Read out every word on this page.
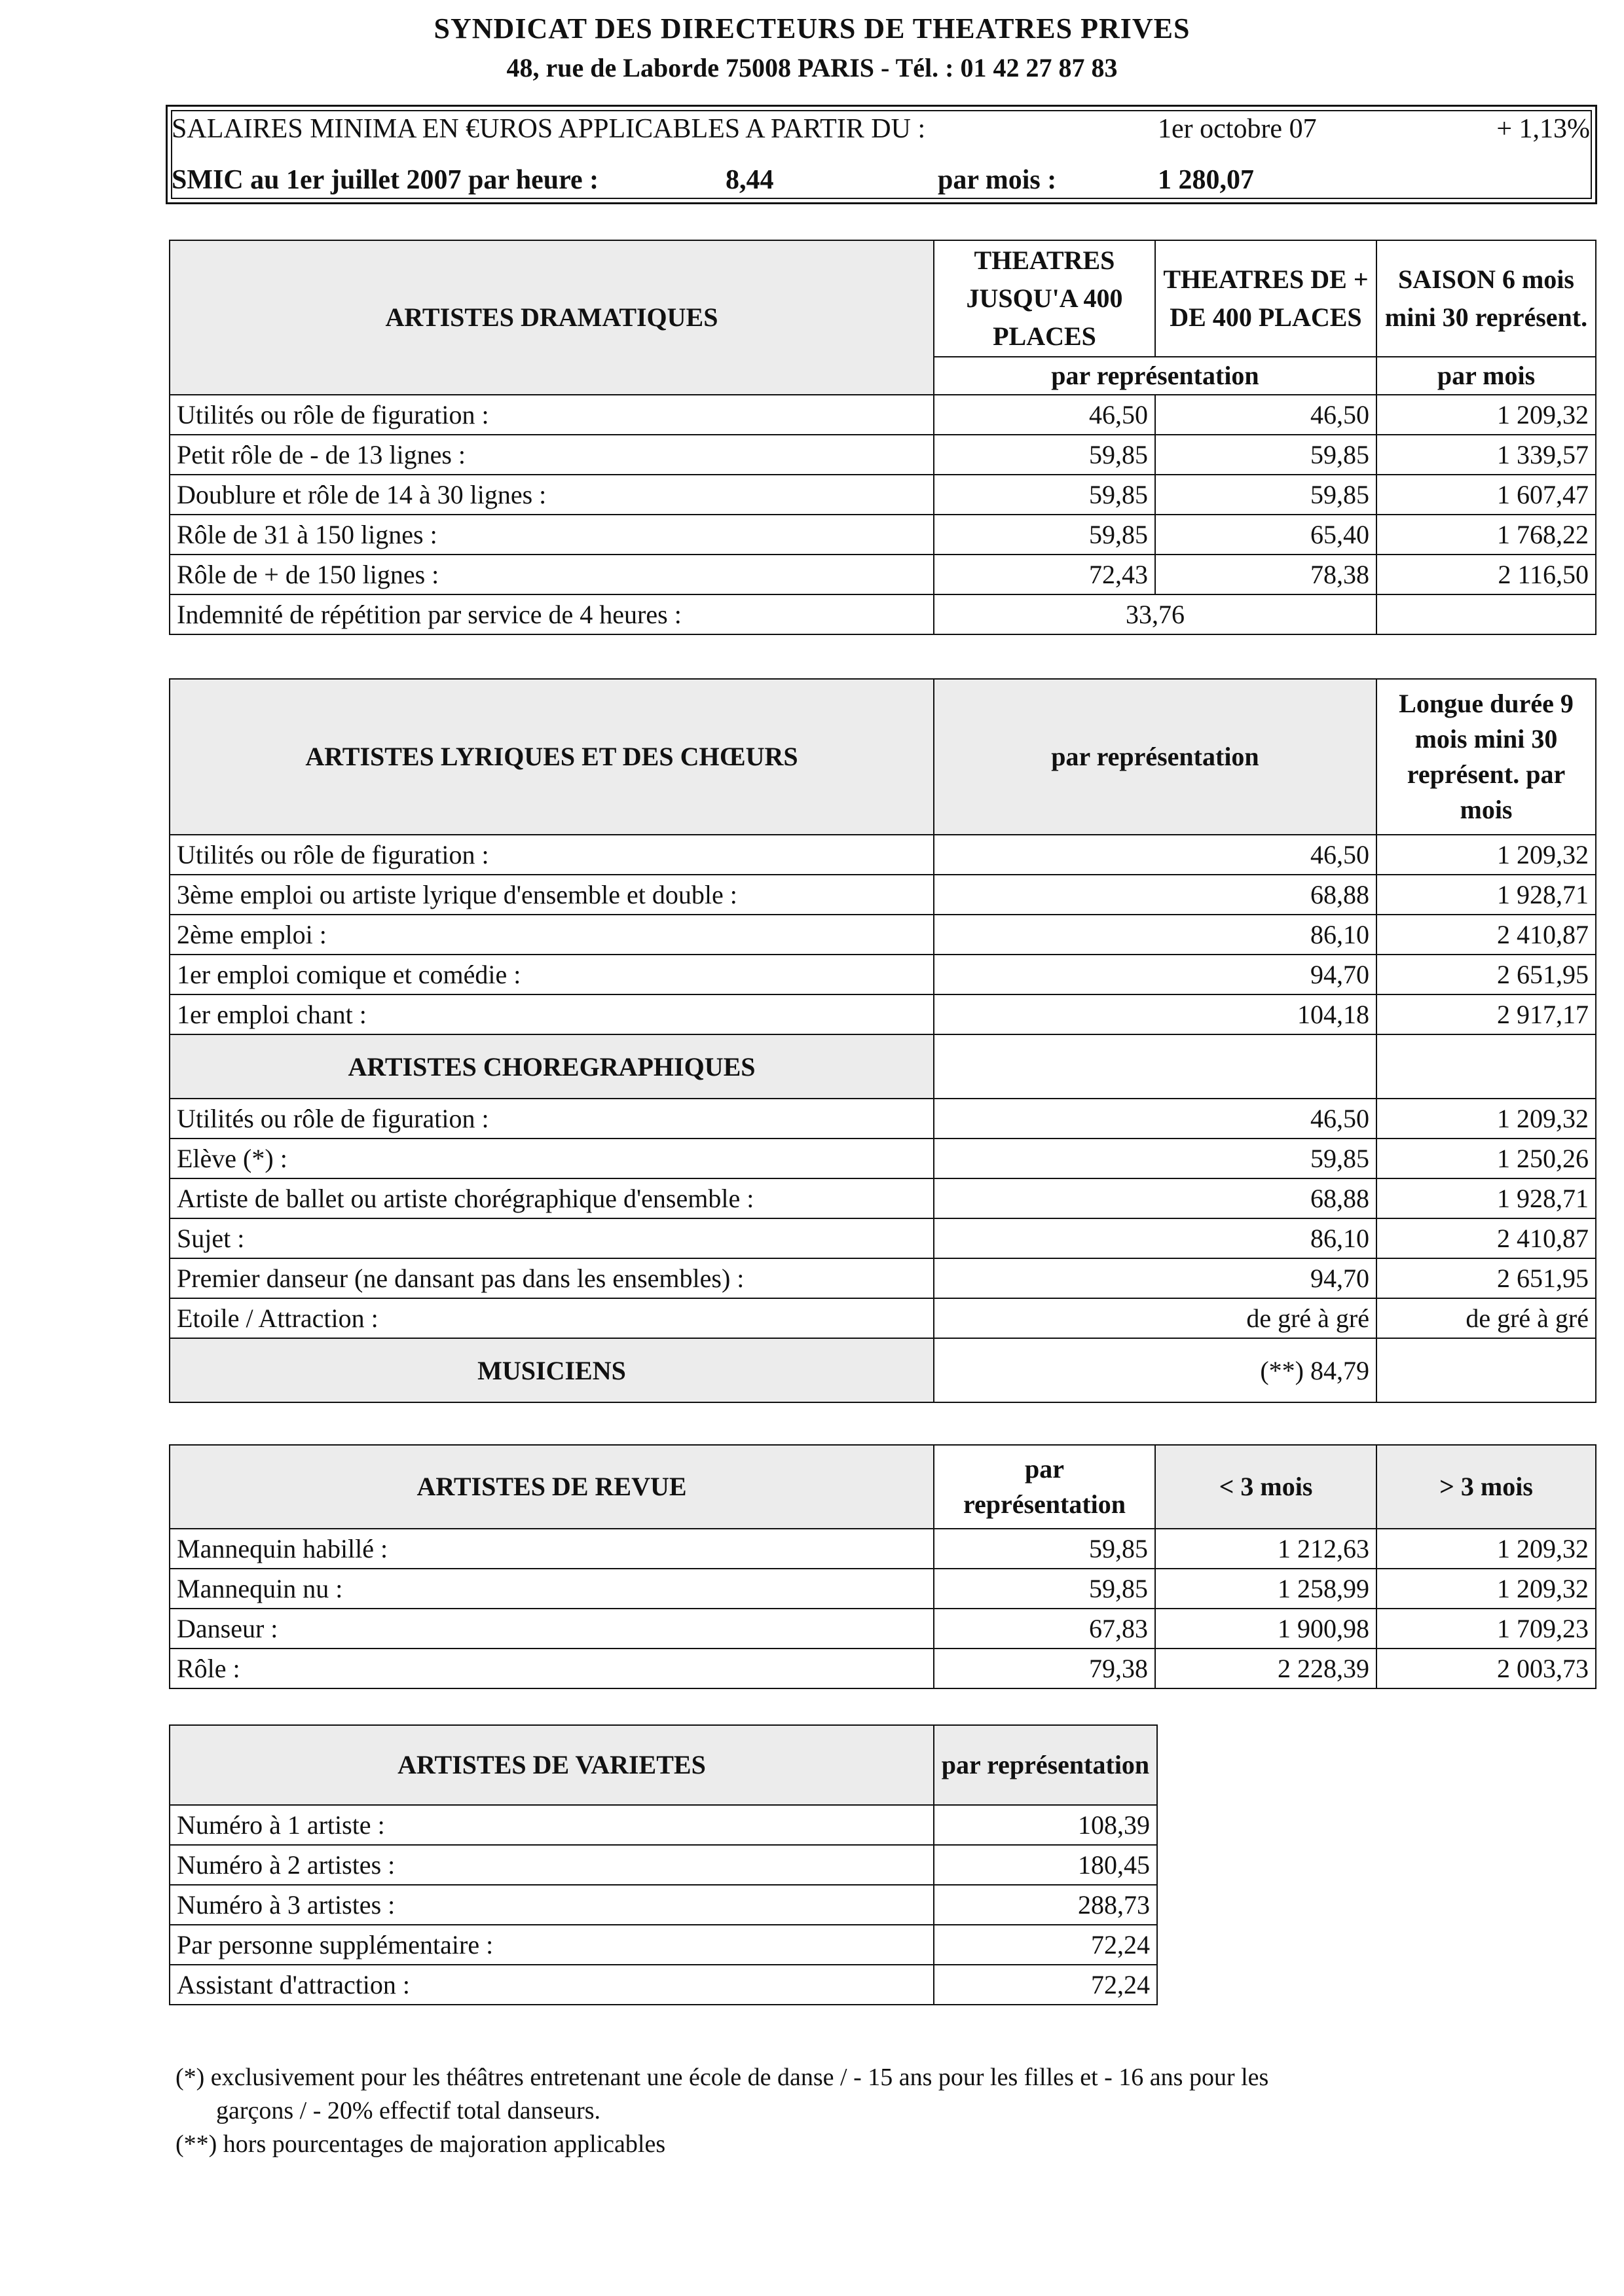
SYNDICAT DES DIRECTEURS DE THEATRES PRIVES
48, rue de Laborde 75008 PARIS - Tél. : 01 42 27 87 83
SALAIRES MINIMA EN €UROS APPLICABLES A PARTIR DU :	1er octobre 07	+ 1,13%
SMIC au 1er juillet 2007 par heure :	8,44	par mois :	1 280,07
ARTISTES DRAMATIQUES	THEATRES JUSQU'A 400 PLACES	THEATRES DE + DE 400 PLACES	SAISON 6 mois mini 30 représent.
	par représentation		par mois
Utilités ou rôle de figuration :	46,50	46,50	1 209,32
Petit rôle de - de 13 lignes :	59,85	59,85	1 339,57
Doublure et rôle de 14 à 30 lignes :	59,85	59,85	1 607,47
Rôle de 31 à 150 lignes :	59,85	65,40	1 768,22
Rôle de + de 150 lignes :	72,43	78,38	2 116,50
Indemnité de répétition par service de 4 heures :	33,76		
ARTISTES LYRIQUES ET DES CHŒURS	par représentation	Longue durée 9 mois mini 30 représent. par mois
Utilités ou rôle de figuration :	46,50	1 209,32
3ème emploi ou artiste lyrique d'ensemble et double :	68,88	1 928,71
2ème emploi :	86,10	2 410,87
1er emploi comique et comédie :	94,70	2 651,95
1er emploi chant :	104,18	2 917,17
ARTISTES CHOREGRAPHIQUES		
Utilités ou rôle de figuration :	46,50	1 209,32
Elève (*) :	59,85	1 250,26
Artiste de ballet ou artiste chorégraphique d'ensemble :	68,88	1 928,71
Sujet :	86,10	2 410,87
Premier danseur (ne dansant pas dans les ensembles) :	94,70	2 651,95
Etoile / Attraction :	de gré à gré	de gré à gré
MUSICIENS	(**) 84,79	
ARTISTES DE REVUE	par représentation	< 3 mois	> 3 mois
Mannequin habillé :	59,85	1 212,63	1 209,32
Mannequin nu :	59,85	1 258,99	1 209,32
Danseur :	67,83	1 900,98	1 709,23
Rôle :	79,38	2 228,39	2 003,73
ARTISTES DE VARIETES	par représentation
Numéro à 1 artiste :	108,39
Numéro à 2 artistes :	180,45
Numéro à 3 artistes :	288,73
Par personne supplémentaire :	72,24
Assistant d'attraction :	72,24
(*) exclusivement pour les théâtres entretenant une école de danse / - 15 ans pour les filles et - 16 ans pour les
garçons / - 20% effectif total danseurs.
(**) hors pourcentages de majoration applicables
